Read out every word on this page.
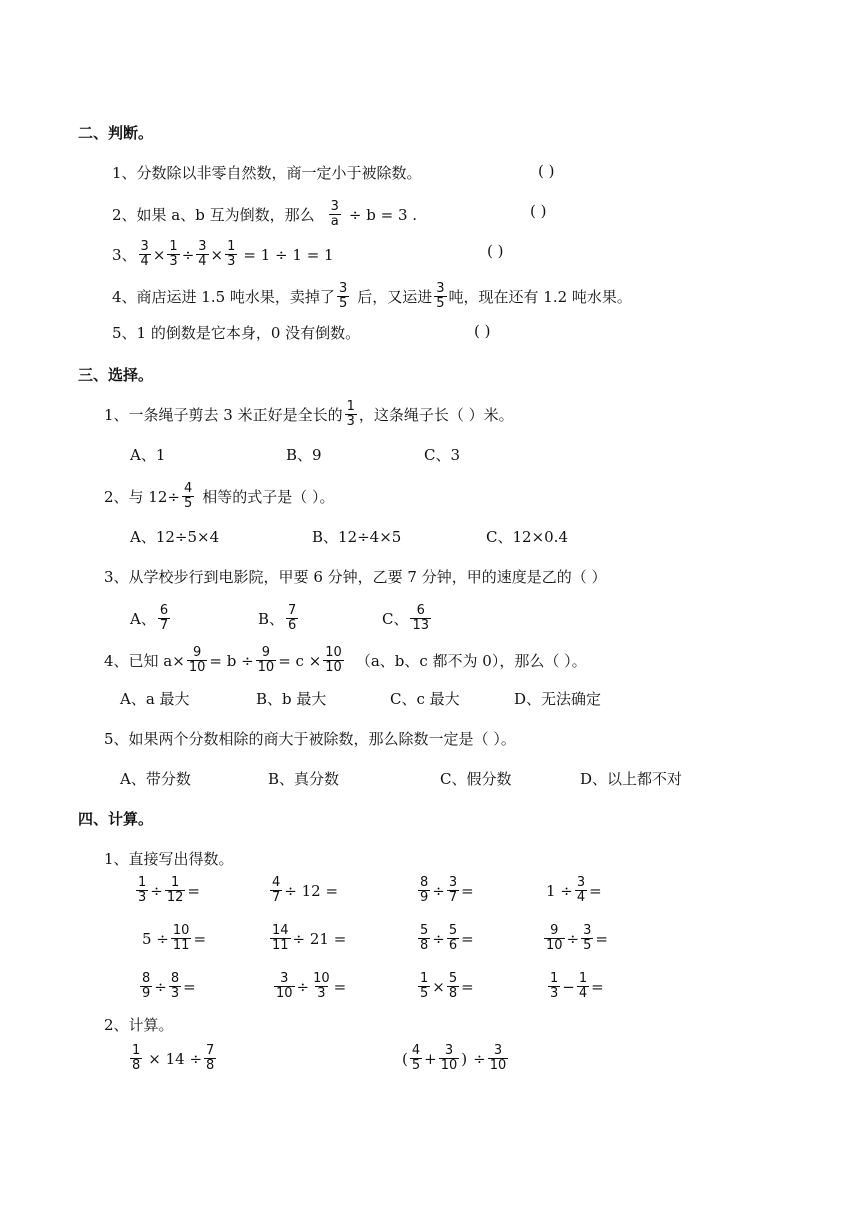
二、判断。
1、分数除以非零自然数，商一定小于被除数。	( )
2、如果 a、b 互为倒数，那么 $\frac{3}{a} \div b = 3$ .	( )
3、 $\frac{3}{4} \times \frac{1}{3} \div \frac{3}{4} \times \frac{1}{3} = 1 \div 1 = 1$	( )
4、商店运进 1.5 吨水果，卖掉了 $\frac{3}{5}$ 后，又运进 $\frac{3}{5}$ 吨，现在还有 1.2 吨水果。
5、1 的倒数是它本身，0 没有倒数。	( )
三、选择。
1、一条绳子剪去 3 米正好是全长的 $\frac{1}{3}$ ，这条绳子长（ ）米。
A、1	B、9	C、3
2、与 $12\div \frac{4}{5}$ 相等的式子是（ ）。
A、12÷5×4	B、12÷4×5	C、12×0.4
3、从学校步行到电影院，甲要 6 分钟，乙要 7 分钟，甲的速度是乙的（ ）
A、 $\frac{6}{7}$	B、 $\frac{7}{6}$	C、 $\frac{6}{13}$
4、已知 $a\times \frac{9}{10} = b \div \frac{9}{10} = c \times \frac{10}{10} (a$、b、c 都不为 0），那么（ ）。
A、a 最大	B、b 最大	C、c 最大	D、无法确定
5、如果两个分数相除的商大于被除数，那么除数一定是（ ）。
A、带分数	B、真分数	C、假分数	D、以上都不对
四、计算。
1、直接写出得数。
$\frac{1}{3} \div \frac{1}{12}$ =	$\frac{4}{7} \div 12$ =	$\frac{8}{9} \div \frac{3}{7}$ =	$1 \div \frac{3}{4}$ =
$5 \div \frac{10}{11}$ =	$\frac{14}{11} \div 21$ =	$\frac{5}{8} \div \frac{5}{6}$ =	$\frac{9}{10} \div \frac{3}{5}$ =
$\frac{8}{9} \div \frac{8}{3}$ =	$\frac{3}{10} \div \frac{10}{3}$ =	$\frac{1}{5} \times \frac{5}{8}$ =	$\frac{1}{3} - \frac{1}{4}$ =
2、计算。
$\frac{1}{8} \times 14 \div \frac{7}{8}$	( $\frac{4}{5} + \frac{3}{10}$ ) ÷ $\frac{3}{10}$
